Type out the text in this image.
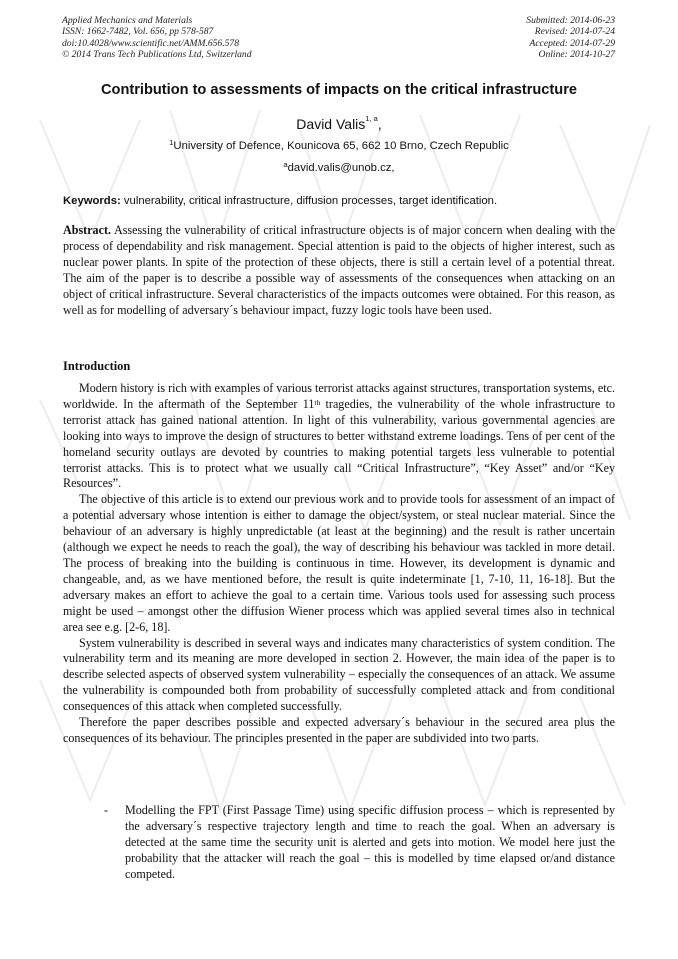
Applied Mechanics and Materials
ISSN: 1662-7482, Vol. 656, pp 578-587
doi:10.4028/www.scientific.net/AMM.656.578
© 2014 Trans Tech Publications Ltd, Switzerland
Submitted: 2014-06-23
Revised: 2014-07-24
Accepted: 2014-07-29
Online: 2014-10-27
Contribution to assessments of impacts on the critical infrastructure
David Valis$^{1, a}$,
$^1$University of Defence, Kounicova 65, 662 10 Brno, Czech Republic
$^a$david.valis@unob.cz,
Keywords: vulnerability, critical infrastructure, diffusion processes, target identification.
Abstract. Assessing the vulnerability of critical infrastructure objects is of major concern when dealing with the process of dependability and risk management. Special attention is paid to the objects of higher interest, such as nuclear power plants. In spite of the protection of these objects, there is still a certain level of a potential threat. The aim of the paper is to describe a possible way of assessments of the consequences when attacking on an object of critical infrastructure. Several characteristics of the impacts outcomes were obtained. For this reason, as well as for modelling of adversary´s behaviour impact, fuzzy logic tools have been used.
Introduction

Modern history is rich with examples of various terrorist attacks against structures, transportation systems, etc. worldwide. In the aftermath of the September 11th tragedies, the vulnerability of the whole infrastructure to terrorist attack has gained national attention. In light of this vulnerability, various governmental agencies are looking into ways to improve the design of structures to better withstand extreme loadings. Tens of per cent of the homeland security outlays are devoted by countries to making potential targets less vulnerable to potential terrorist attacks. This is to protect what we usually call “Critical Infrastructure”, “Key Asset” and/or “Key Resources”.

The objective of this article is to extend our previous work and to provide tools for assessment of an impact of a potential adversary whose intention is either to damage the object/system, or steal nuclear material. Since the behaviour of an adversary is highly unpredictable (at least at the beginning) and the result is rather uncertain (although we expect he needs to reach the goal), the way of describing his behaviour was tackled in more detail. The process of breaking into the building is continuous in time. However, its development is dynamic and changeable, and, as we have mentioned before, the result is quite indeterminate [1, 7-10, 11, 16-18]. But the adversary makes an effort to achieve the goal to a certain time. Various tools used for assessing such process might be used – amongst other the diffusion Wiener process which was applied several times also in technical area see e.g. [2-6, 18].

System vulnerability is described in several ways and indicates many characteristics of system condition. The vulnerability term and its meaning are more developed in section 2. However, the main idea of the paper is to describe selected aspects of observed system vulnerability – especially the consequences of an attack. We assume the vulnerability is compounded both from probability of successfully completed attack and from conditional consequences of this attack when completed successfully.

Therefore the paper describes possible and expected adversary´s behaviour in the secured area plus the consequences of its behaviour. The principles presented in the paper are subdivided into two parts.

-	Modelling the FPT (First Passage Time) using specific diffusion process – which is represented by the adversary´s respective trajectory length and time to reach the goal. When an adversary is detected at the same time the security unit is alerted and gets into motion. We model here just the probability that the attacker will reach the goal – this is modelled by time elapsed or/and distance competed.
